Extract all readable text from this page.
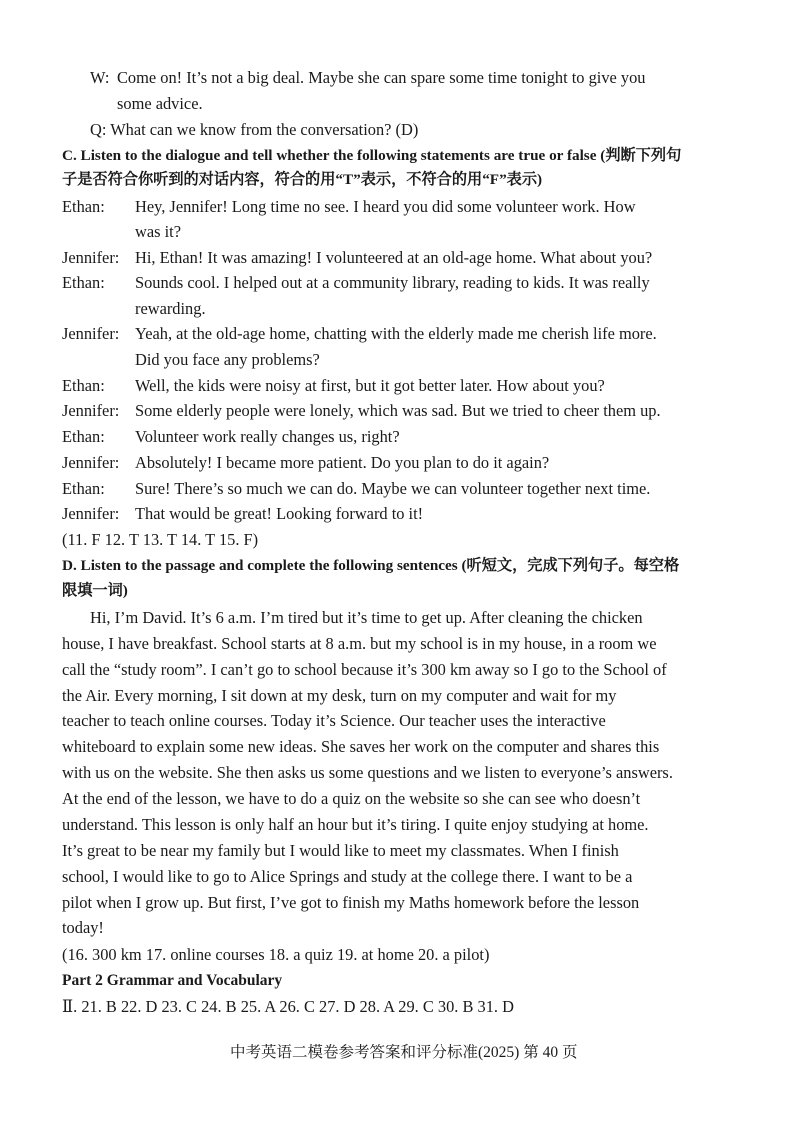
W: Come on! It’s not a big deal. Maybe she can spare some time tonight to give you
some advice.
Q: What can we know from the conversation? (D)
C. Listen to the dialogue and tell whether the following statements are true or false (判断下列句
子是否符合你听到的对话内容，符合的用“T”表示，不符合的用“F”表示)
Ethan: Hey, Jennifer! Long time no see. I heard you did some volunteer work. How
was it?
Jennifer: Hi, Ethan! It was amazing! I volunteered at an old-age home. What about you?
Ethan: Sounds cool. I helped out at a community library, reading to kids. It was really
rewarding.
Jennifer: Yeah, at the old-age home, chatting with the elderly made me cherish life more.
Did you face any problems?
Ethan: Well, the kids were noisy at first, but it got better later. How about you?
Jennifer: Some elderly people were lonely, which was sad. But we tried to cheer them up.
Ethan: Volunteer work really changes us, right?
Jennifer: Absolutely! I became more patient. Do you plan to do it again?
Ethan: Sure! There’s so much we can do. Maybe we can volunteer together next time.
Jennifer: That would be great! Looking forward to it!
(11. F 12. T 13. T 14. T 15. F)
D. Listen to the passage and complete the following sentences (听短文，完成下列句子。每空格
限填一词)
Hi, I’m David. It’s 6 a.m. I’m tired but it’s time to get up. After cleaning the chicken
house, I have breakfast. School starts at 8 a.m. but my school is in my house, in a room we
call the “study room”. I can’t go to school because it’s 300 km away so I go to the School of
the Air. Every morning, I sit down at my desk, turn on my computer and wait for my
teacher to teach online courses. Today it’s Science. Our teacher uses the interactive
whiteboard to explain some new ideas. She saves her work on the computer and shares this
with us on the website. She then asks us some questions and we listen to everyone’s answers.
At the end of the lesson, we have to do a quiz on the website so she can see who doesn’t
understand. This lesson is only half an hour but it’s tiring. I quite enjoy studying at home.
It’s great to be near my family but I would like to meet my classmates. When I finish
school, I would like to go to Alice Springs and study at the college there. I want to be a
pilot when I grow up. But first, I’ve got to finish my Maths homework before the lesson
today!
(16. 300 km 17. online courses 18. a quiz 19. at home 20. a pilot)
Part 2 Grammar and Vocabulary
Ⅱ. 21. B 22. D 23. C 24. B 25. A 26. C 27. D 28. A 29. C 30. B 31. D
中考英语二模卷参考答案和评分标准(2025) 第 40 页
